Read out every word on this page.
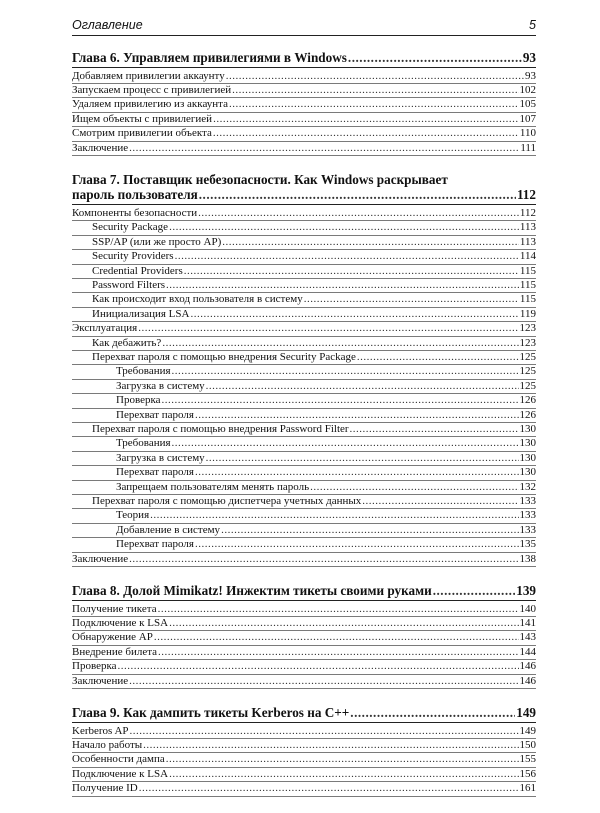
Оглавление	5
Глава 6. Управляем привилегиями в Windows .....	93
Добавляем привилегии аккаунту .....	93
Запускаем процесс с привилегией .....	102
Удаляем привилегию из аккаунта .....	105
Ищем объекты с привилегией .....	107
Смотрим привилегии объекта .....	110
Заключение .....	111
Глава 7. Поставщик небезопасности. Как Windows раскрывает
пароль пользователя .....	112
Компоненты безопасности .....	112
Security Package .....	113
SSP/AP (или же просто AP) .....	113
Security Providers .....	114
Credential Providers .....	115
Password Filters .....	115
Как происходит вход пользователя в систему .....	115
Инициализация LSA .....	119
Эксплуатация .....	123
Как дебажить? .....	123
Перехват пароля с помощью внедрения Security Package .....	125
Требования .....	125
Загрузка в систему .....	125
Проверка .....	126
Перехват пароля .....	126
Перехват пароля с помощью внедрения Password Filter .....	130
Требования .....	130
Загрузка в систему .....	130
Перехват пароля .....	130
Запрещаем пользователям менять пароль .....	132
Перехват пароля с помощью диспетчера учетных данных .....	133
Теория .....	133
Добавление в систему .....	133
Перехват пароля .....	135
Заключение .....	138
Глава 8. Долой Mimikatz! Инжектим тикеты своими руками .....	139
Получение тикета .....	140
Подключение к LSA .....	141
Обнаружение AP .....	143
Внедрение билета .....	144
Проверка .....	146
Заключение .....	146
Глава 9. Как дампить тикеты Kerberos на C++ .....	149
Kerberos AP .....	149
Начало работы .....	150
Особенности дампа .....	155
Подключение к LSA .....	156
Получение ID .....	161
